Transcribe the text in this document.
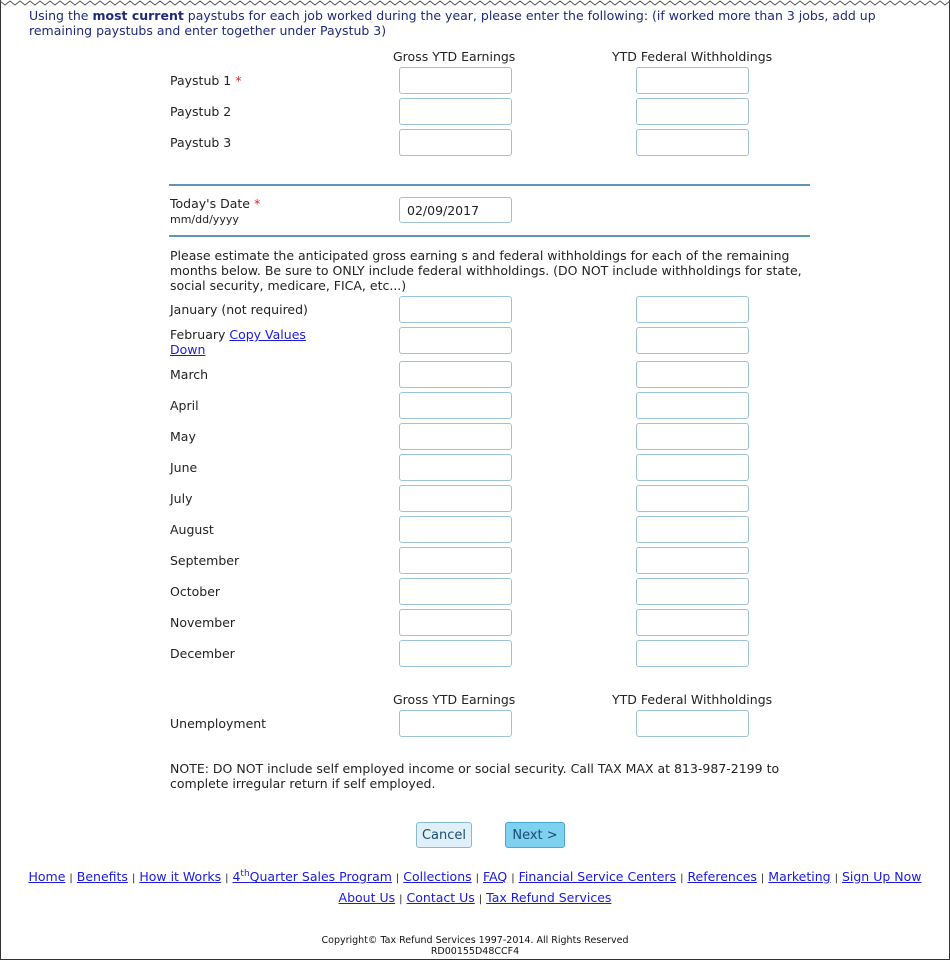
Using the most current paystubs for each job worked during the year, please enter the following: (if worked more than 3 jobs, add up remaining paystubs and enter together under Paystub 3)
Gross YTD Earnings	YTD Federal Withholdings
Paystub 1 *
Paystub 2
Paystub 3
Today's Date *
mm/dd/yyyy
02/09/2017
Please estimate the anticipated gross earning s and federal withholdings for each of the remaining months below. Be sure to ONLY include federal withholdings. (DO NOT include withholdings for state, social security, medicare, FICA, etc...)
January (not required)
February Copy Values Down
March
April
May
June
July
August
September
October
November
December
Gross YTD Earnings	YTD Federal Withholdings
Unemployment
NOTE: DO NOT include self employed income or social security. Call TAX MAX at 813-987-2199 to complete irregular return if self employed.
Cancel	Next >
Home | Benefits | How it Works | 4thQuarter Sales Program | Collections | FAQ | Financial Service Centers | References | Marketing | Sign Up Now
About Us | Contact Us | Tax Refund Services
Copyright© Tax Refund Services 1997-2014. All Rights Reserved
RD00155D48CCF4
